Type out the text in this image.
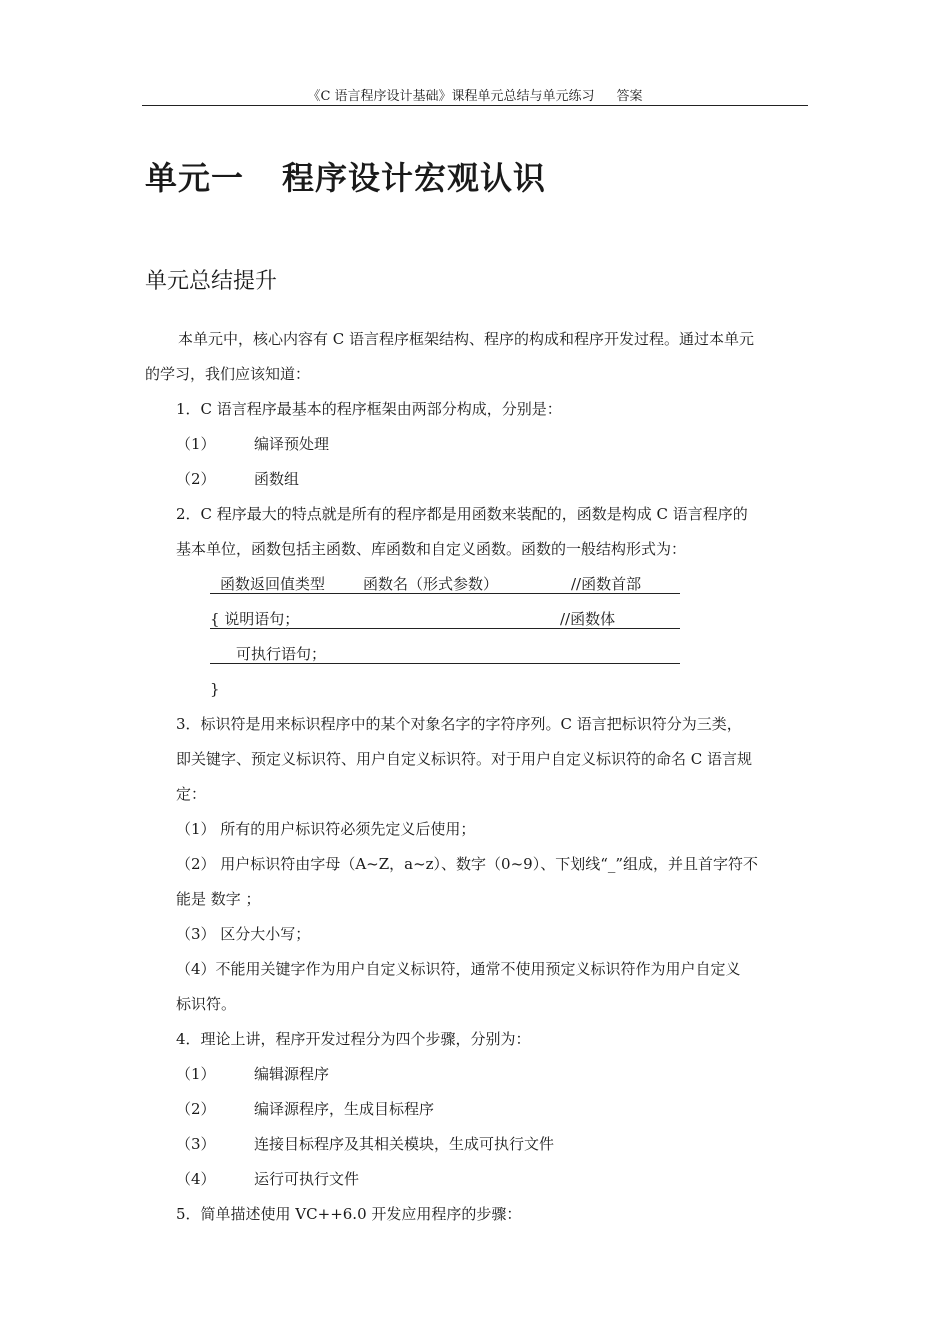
《C 语言程序设计基础》课程单元总结与单元练习 答案
单元一 程序设计宏观认识
单元总结提升
本单元中，核心内容有 C 语言程序框架结构、程序的构成和程序开发过程。通过本单元
的学习，我们应该知道：
1．C 语言程序最基本的程序框架由两部分构成，分别是：
（1）	编译预处理
（2）	函数组
2．C 程序最大的特点就是所有的程序都是用函数来装配的，函数是构成 C 语言程序的
基本单位，函数包括主函数、库函数和自定义函数。函数的一般结构形式为：
函数返回值类型	函数名（形式参数）	//函数首部
{ 说明语句；	//函数体
可执行语句；
}
3．标识符是用来标识程序中的某个对象名字的字符序列。C 语言把标识符分为三类，
即关键字、预定义标识符、用户自定义标识符。对于用户自定义标识符的命名 C 语言规
定：
（1） 所有的用户标识符必须先定义后使用；
（2） 用户标识符由字母（A~Z，a~z）、数字（0~9）、下划线“_”组成，并且首字符不
能是 数字 ；
（3） 区分大小写；
（4）不能用关键字作为用户自定义标识符，通常不使用预定义标识符作为用户自定义
标识符。
4．理论上讲，程序开发过程分为四个步骤，分别为：
（1）	编辑源程序
（2）	编译源程序，生成目标程序
（3）	连接目标程序及其相关模块，生成可执行文件
（4）	运行可执行文件
5．简单描述使用 VC++6.0 开发应用程序的步骤：
